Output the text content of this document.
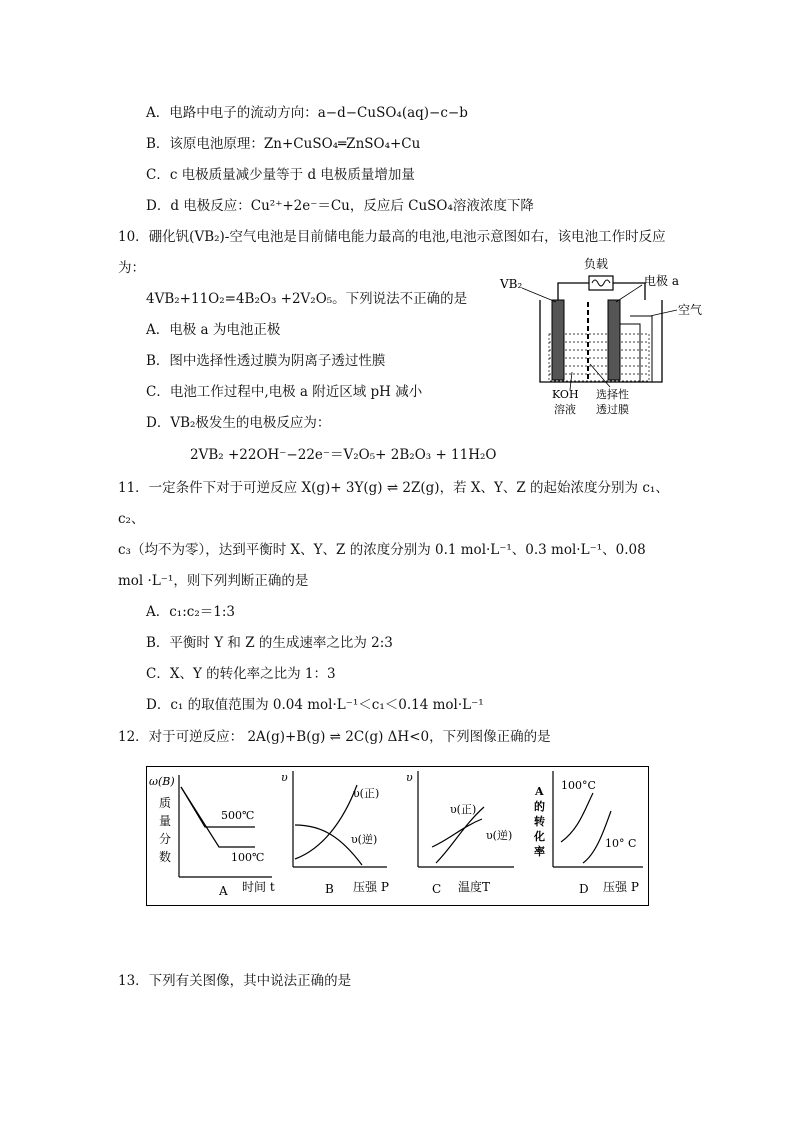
A．电路中电子的流动方向：a−d−CuSO₄(aq)−c−b
B．该原电池原理：Zn+CuSO₄═ZnSO₄+Cu
C．c 电极质量减少量等于 d 电极质量增加量
D．d 电极反应：Cu²⁺+2e⁻＝Cu，反应后 CuSO₄溶液浓度下降
10．硼化钒(VB₂)-空气电池是目前储电能力最高的电池,电池示意图如右，该电池工作时反应
为：
4VB₂+11O₂=4B₂O₃ +2V₂O₅。下列说法不正确的是
A．电极 a 为电池正极
B．图中选择性透过膜为阴离子透过性膜
C．电池工作过程中,电极 a 附近区域 pH 减小
D．VB₂极发生的电极反应为：
2VB₂ +22OH⁻−22e⁻＝V₂O₅+ 2B₂O₃ + 11H₂O
负载
VB₂	电极 a
空气
KOH
溶液
选择性
透过膜
11．一定条件下对于可逆反应 X(g)+ 3Y(g) ⇌ 2Z(g)，若 X、Y、Z 的起始浓度分别为 c₁、
c₂、
c₃（均不为零），达到平衡时 X、Y、Z 的浓度分别为 0.1 mol·L⁻¹、0.3 mol·L⁻¹、0.08
mol ·L⁻¹，则下列判断正确的是
A．c₁:c₂＝1:3
B．平衡时 Y 和 Z 的生成速率之比为 2:3
C．X、Y 的转化率之比为 1：3
D．c₁ 的取值范围为 0.04 mol·L⁻¹＜c₁＜0.14 mol·L⁻¹
12．对于可逆反应： 2A(g)+B(g) ⇌ 2C(g) ΔH<0，下列图像正确的是
ω(B)
质
量
分
数
500℃
100℃
A 时间 t
υ
υ(正)
υ(逆)
B 压强 P
υ
υ(正)
υ(逆)
C 温度T
A
的
转
化
率
100°C
10° C
D 压强 P
13．下列有关图像，其中说法正确的是
